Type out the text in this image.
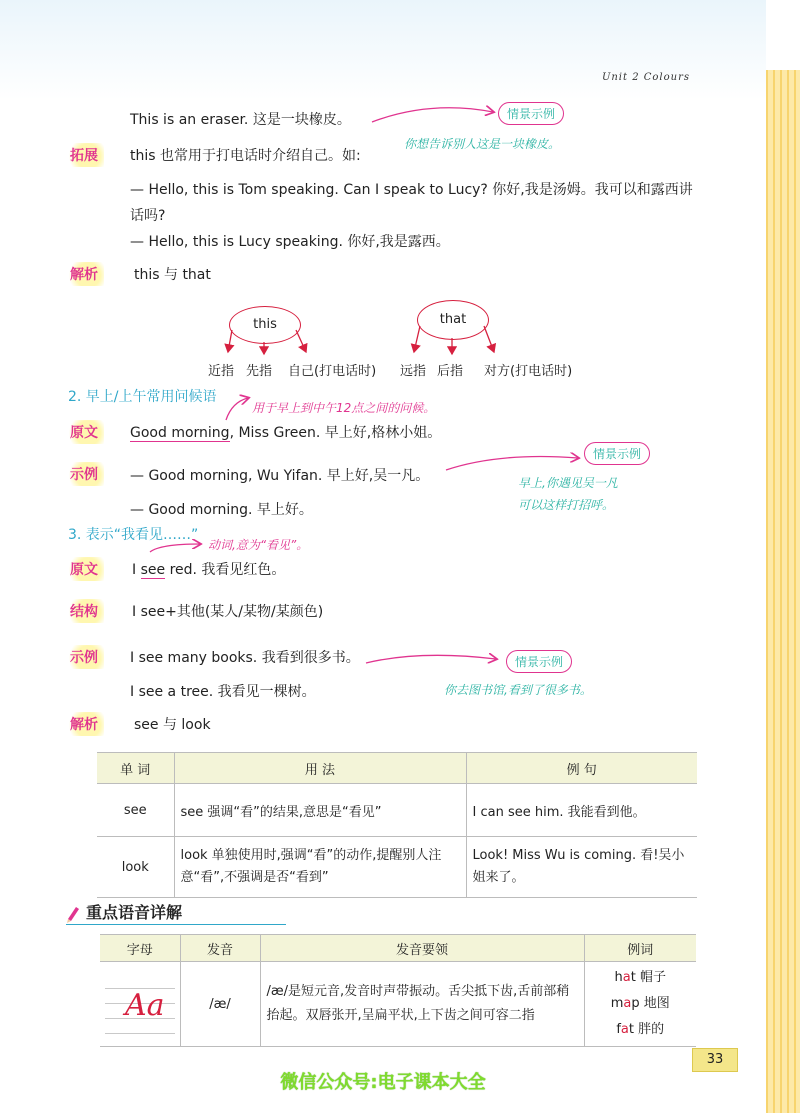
Unit 2 Colours
This is an eraser. 这是一块橡皮。	情景示例
你想告诉别人这是一块橡皮。
拓展	this 也常用于打电话时介绍自己。如:
— Hello, this is Tom speaking. Can I speak to Lucy? 你好,我是汤姆。我可以和露西讲
话吗?
— Hello, this is Lucy speaking. 你好,我是露西。
解析	this 与 that
this	that
近指 先指 自己(打电话时) 远指 后指 对方(打电话时)
2. 早上/上午常用问候语
用于早上到中午12点之间的问候。
原文	Good morning, Miss Green. 早上好,格林小姐。
示例	— Good morning, Wu Yifan. 早上好,吴一凡。
— Good morning. 早上好。
情景示例
早上,你遇见吴一凡
可以这样打招呼。
3. 表示“我看见……”
动词,意为“看见”。
原文	I see red. 我看见红色。
结构	I see+其他(某人/某物/某颜色)
示例	I see many books. 我看到很多书。
I see a tree. 我看见一棵树。
情景示例
你去图书馆,看到了很多书。
解析	see 与 look
单 词	用 法	例 句
see	see 强调“看”的结果,意思是“看见”	I can see him. 我能看到他。
look	look 单独使用时,强调“看”的动作,提醒别人注意“看”,不强调是否“看到”	Look! Miss Wu is coming. 看!吴小姐来了。
重点语音详解
字母	发音	发音要领	例词

Aa	/æ/	/æ/是短元音,发音时声带振动。舌尖抵下齿,舌前部稍抬起。双唇张开,呈扁平状,上下齿之间可容二指	hat 帽子
map 地图
fat 胖的
33
微信公众号:电子课本大全
